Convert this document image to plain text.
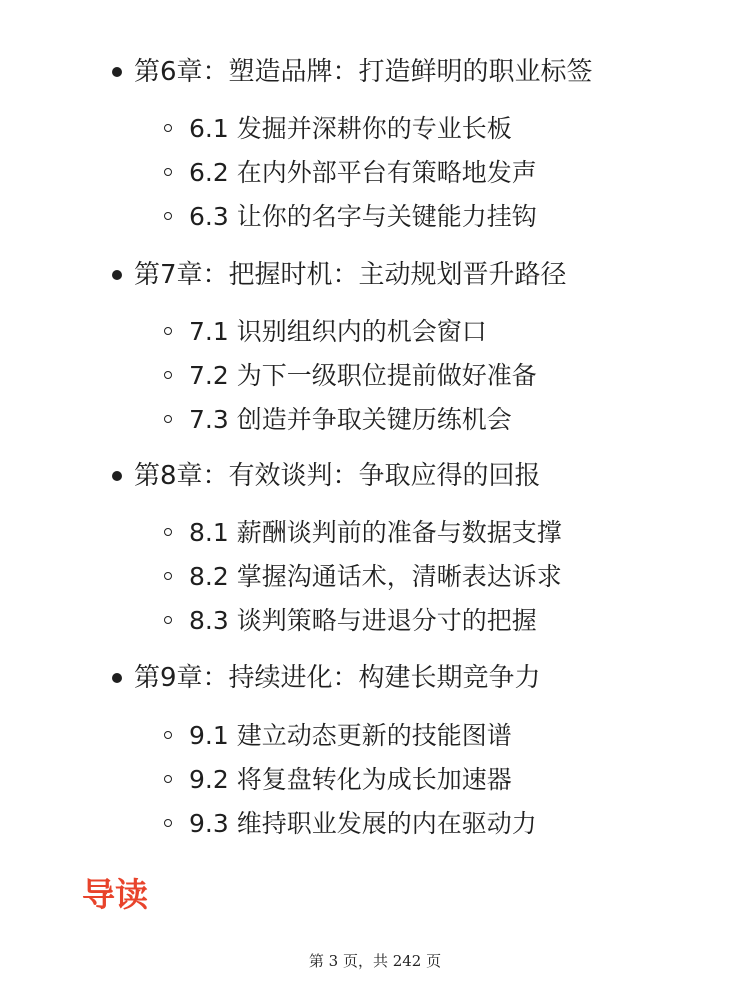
第6章：塑造品牌：打造鲜明的职业标签
6.1 发掘并深耕你的专业长板
6.2 在内外部平台有策略地发声
6.3 让你的名字与关键能力挂钩
第7章：把握时机：主动规划晋升路径
7.1 识别组织内的机会窗口
7.2 为下一级职位提前做好准备
7.3 创造并争取关键历练机会
第8章：有效谈判：争取应得的回报
8.1 薪酬谈判前的准备与数据支撑
8.2 掌握沟通话术，清晰表达诉求
8.3 谈判策略与进退分寸的把握
第9章：持续进化：构建长期竞争力
9.1 建立动态更新的技能图谱
9.2 将复盘转化为成长加速器
9.3 维持职业发展的内在驱动力
导读
第 3 页，共 242 页
